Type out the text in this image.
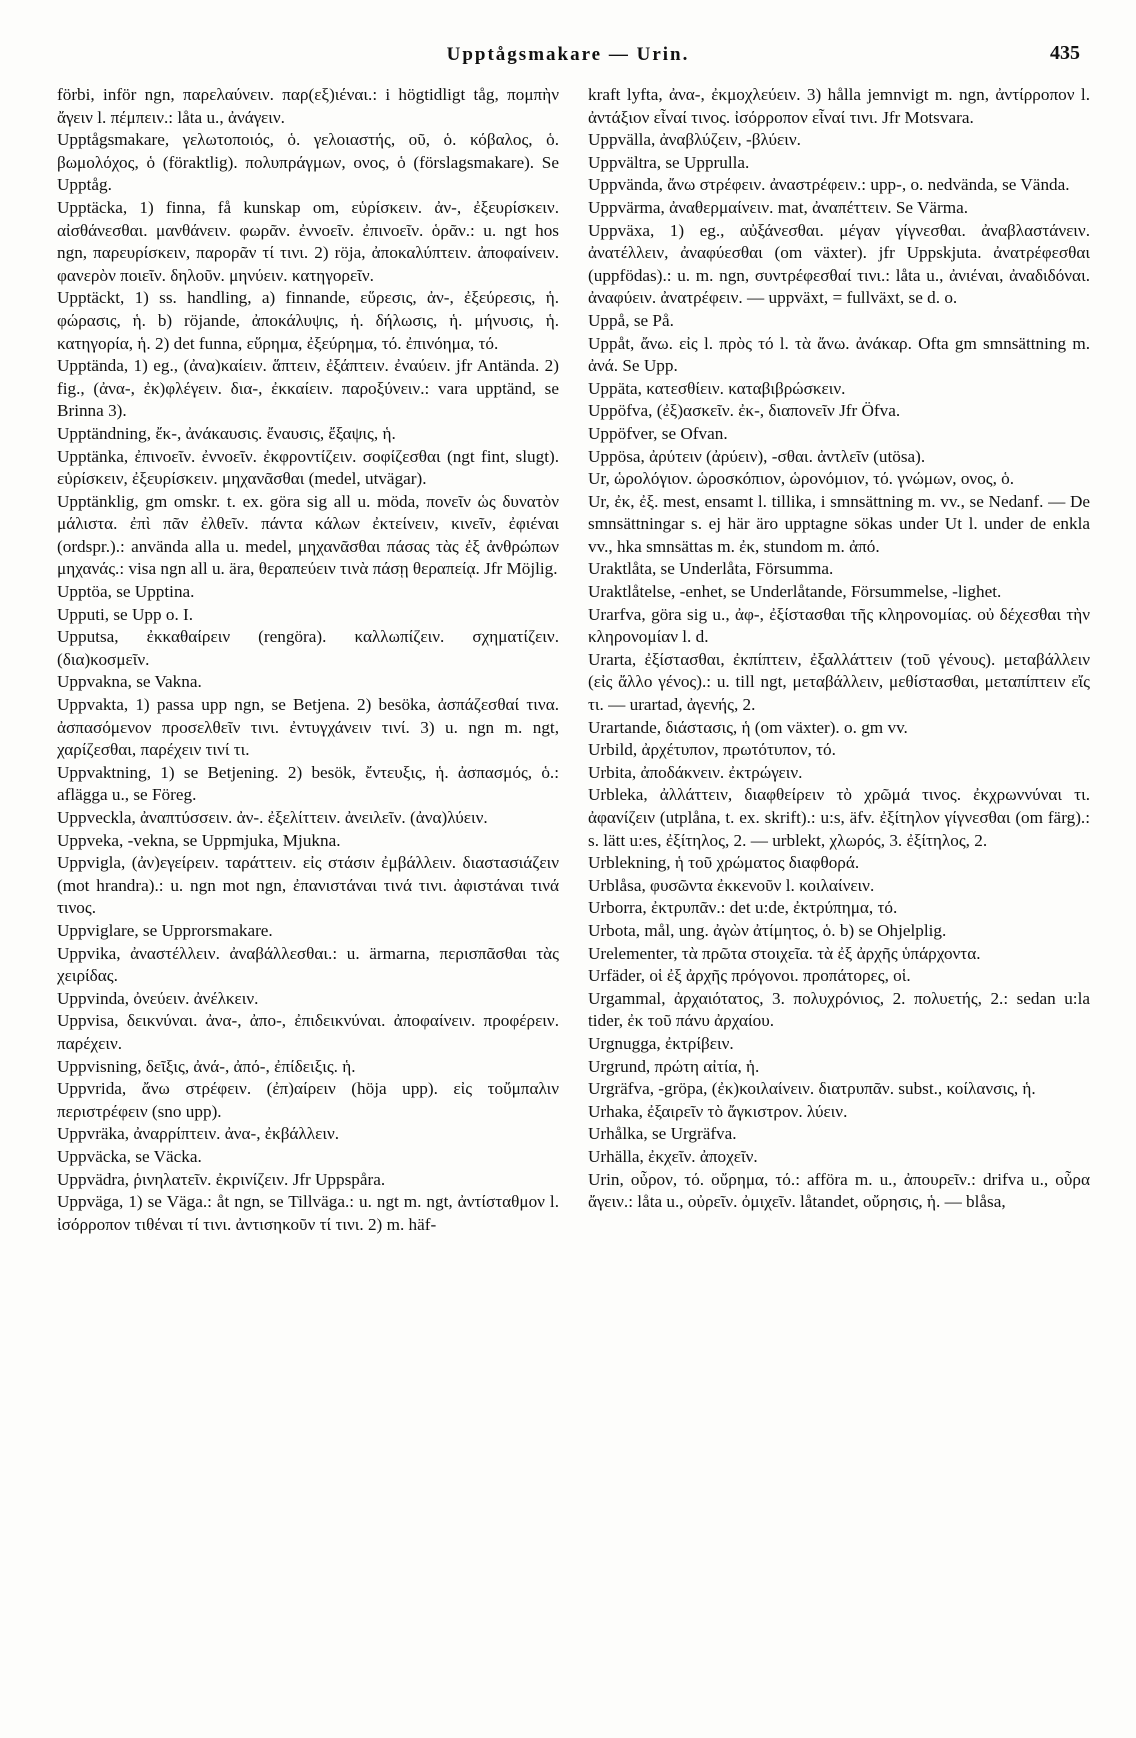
Upptågsmakare — Urin.	435

förbi, inför ngn, παρελαύνειν. παρ(εξ)ιέναι.: i högtidligt tåg, πομπὴν ἄγειν l. πέμπειν.: låta u., ἀνάγειν.

Upptågsmakare, γελωτοποιός, ὁ. γελοιαστής, οῦ, ὁ. κόβαλος, ὁ. βωμολόχος, ὁ (föraktlig). πολυπράγμων, ονος, ὁ (förslagsmakare). Se Upptåg.

Upptäcka, 1) finna, få kunskap om, εὑρίσκειν. ἀν-, ἐξευρίσκειν. αἰσθάνεσθαι. μανθάνειν. φωρᾶν. ἐννοεῖν. ἐπινοεῖν. ὁρᾶν.: u. ngt hos ngn, παρευρίσκειν, παρορᾶν τί τινι. 2) röja, ἀποκαλύπτειν. ἀποφαίνειν. φανερὸν ποιεῖν. δηλοῦν. μηνύειν. κατηγορεῖν.

Upptäckt, 1) ss. handling, a) finnande, εὕρεσις, ἀν-, ἐξεύρεσις, ἡ. φώρασις, ἡ. b) röjande, ἀποκάλυψις, ἡ. δήλωσις, ἡ. μήνυσις, ἡ. κατηγορία, ἡ. 2) det funna, εὕρημα, ἐξεύρημα, τό. ἐπινόημα, τό.

Upptända, 1) eg., (ἀνα)καίειν. ἅπτειν, ἐξάπτειν. ἐναύειν. jfr Antända. 2) fig., (ἀνα-, ἐκ)φλέγειν. δια-, ἐκκαίειν. παροξύνειν.: vara upptänd, se Brinna 3).

Upptändning, ἔκ-, ἀνάκαυσις. ἔναυσις, ἔξαψις, ἡ.

Upptänka, ἐπινοεῖν. ἐννοεῖν. ἐκφροντίζειν. σοφίζεσθαι (ngt fint, slugt). εὑρίσκειν, ἐξευρίσκειν. μηχανᾶσθαι (medel, utvägar).

Upptänklig, gm omskr. t. ex. göra sig all u. möda, πονεῖν ὡς δυνατὸν μάλιστα. ἐπὶ πᾶν ἐλθεῖν. πάντα κάλων ἐκτείνειν, κινεῖν, ἐφιέναι (ordspr.).: använda alla u. medel, μηχανᾶσθαι πάσας τὰς ἐξ ἀνθρώπων μηχανάς.: visa ngn all u. ära, θεραπεύειν τινὰ πάσῃ θεραπείᾳ. Jfr Möjlig.

Upptöa, se Upptina.

Upputi, se Upp o. I.

Upputsa, ἐκκαθαίρειν (rengöra). καλλωπίζειν. σχηματίζειν. (δια)κοσμεῖν.

Uppvakna, se Vakna.

Uppvakta, 1) passa upp ngn, se Betjena. 2) besöka, ἀσπάζεσθαί τινα. ἀσπασόμενον προσελθεῖν τινι. ἐντυγχάνειν τινί. 3) u. ngn m. ngt, χαρίζεσθαι, παρέχειν τινί τι.

Uppvaktning, 1) se Betjening. 2) besök, ἔντευξις, ἡ. ἀσπασμός, ὁ.: aflägga u., se Föreg.

Uppveckla, ἀναπτύσσειν. ἀν-. ἐξελίττειν. ἀνειλεῖν. (ἀνα)λύειν.

Uppveka, -vekna, se Uppmjuka, Mjukna.

Uppvigla, (ἀν)εγείρειν. ταράττειν. εἰς στάσιν ἐμβάλλειν. διαστασιάζειν (mot hrandra).: u. ngn mot ngn, ἐπανιστάναι τινά τινι. ἀφιστάναι τινά τινος.

Uppviglare, se Upprorsmakare.

Uppvika, ἀναστέλλειν. ἀναβάλλεσθαι.: u. ärmarna, περισπᾶσθαι τὰς χειρίδας.

Uppvinda, ὀνεύειν. ἀνέλκειν.

Uppvisa, δεικνύναι. ἀνα-, ἀπο-, ἐπιδεικνύναι. ἀποφαίνειν. προφέρειν. παρέχειν.

Uppvisning, δεῖξις, ἀνά-, ἀπό-, ἐπίδειξις. ἡ.

Uppvrida, ἄνω στρέφειν. (ἐπ)αίρειν (höja upp). εἰς τοὔμπαλιν περιστρέφειν (sno upp).

Uppvräka, ἀναρρίπτειν. ἀνα-, ἐκβάλλειν.

Uppväcka, se Väcka.

Uppvädra, ῥινηλατεῖν. ἐκρινίζειν. Jfr Uppspåra.

Uppväga, 1) se Väga.: åt ngn, se Tillväga.: u. ngt m. ngt, ἀντίσταθμον l. ἰσόρροπον τιθέναι τί τινι. ἀντισηκοῦν τί τινι. 2) m. häf-

kraft lyfta, ἀνα-, ἐκμοχλεύειν. 3) hålla jemnvigt m. ngn, ἀντίρροπον l. ἀντάξιον εἶναί τινος. ἰσόρροπον εἶναί τινι. Jfr Motsvara.

Uppvälla, ἀναβλύζειν, -βλύειν.

Uppvältra, se Upprulla.

Uppvända, ἄνω στρέφειν. ἀναστρέφειν.: upp-, o. nedvända, se Vända.

Uppvärma, ἀναθερμαίνειν. mat, ἀναπέττειν. Se Värma.

Uppväxa, 1) eg., αὐξάνεσθαι. μέγαν γίγνεσθαι. ἀναβλαστάνειν. ἀνατέλλειν, ἀναφύεσθαι (om växter). jfr Uppskjuta. ἀνατρέφεσθαι (uppfödas).: u. m. ngn, συντρέφεσθαί τινι.: låta u., ἀνιέναι, ἀναδιδόναι. ἀναφύειν. ἀνατρέφειν. — uppväxt, = fullväxt, se d. o.

Uppå, se På.

Uppåt, ἄνω. εἰς l. πρὸς τό l. τὰ ἄνω. ἀνάκαρ. Ofta gm smnsättning m. ἀνά. Se Upp.

Uppäta, κατεσθίειν. καταβιβρώσκειν.

Uppöfva, (ἐξ)ασκεῖν. ἐκ-, διαπονεῖν Jfr Öfva.

Uppöfver, se Ofvan.

Uppösa, ἀρύτειν (ἀρύειν), -σθαι. ἀντλεῖν (utösa).

Ur, ὡρολόγιον. ὡροσκόπιον, ὡρονόμιον, τό. γνώμων, ονος, ὁ.

Ur, ἐκ, ἐξ. mest, ensamt l. tillika, i smnsättning m. vv., se Nedanf. — De smnsättningar s. ej här äro upptagne sökas under Ut l. under de enkla vv., hka smnsättas m. ἐκ, stundom m. ἀπό.

Uraktlåta, se Underlåta, Försumma.

Uraktlåtelse, -enhet, se Underlåtande, Försummelse, -lighet.

Urarfva, göra sig u., ἀφ-, ἐξίστασθαι τῆς κληρονομίας. οὐ δέχεσθαι τὴν κληρονομίαν l. d.

Urarta, ἐξίστασθαι, ἐκπίπτειν, ἐξαλλάττειν (τοῦ γένους). μεταβάλλειν (εἰς ἄλλο γένος).: u. till ngt, μεταβάλλειν, μεθίστασθαι, μεταπίπτειν εἴς τι. — urartad, ἀγενής, 2.

Urartande, διάστασις, ἡ (om växter). o. gm vv.

Urbild, ἀρχέτυπον, πρωτότυπον, τό.

Urbita, ἀποδάκνειν. ἐκτρώγειν.

Urbleka, ἀλλάττειν, διαφθείρειν τὸ χρῶμά τινος. ἐκχρωννύναι τι. ἀφανίζειν (utplåna, t. ex. skrift).: u:s, äfv. ἐξίτηλον γίγνεσθαι (om färg).: s. lätt u:es, ἐξίτηλος, 2. — urblekt, χλωρός, 3. ἐξίτηλος, 2.

Urblekning, ἡ τοῦ χρώματος διαφθορά.

Urblåsa, φυσῶντα ἐκκενοῦν l. κοιλαίνειν.

Urborra, ἐκτρυπᾶν.: det u:de, ἐκτρύπημα, τό.

Urbota, mål, ung. ἀγὼν ἀτίμητος, ὁ. b) se Ohjelplig.

Urelementer, τὰ πρῶτα στοιχεῖα. τὰ ἐξ ἀρχῆς ὑπάρχοντα.

Urfäder, οἱ ἐξ ἀρχῆς πρόγονοι. προπάτορες, οἱ.

Urgammal, ἀρχαιότατος, 3. πολυχρόνιος, 2. πολυετής, 2.: sedan u:la tider, ἐκ τοῦ πάνυ ἀρχαίου.

Urgnugga, ἐκτρίβειν.

Urgrund, πρώτη αἰτία, ἡ.

Urgräfva, -gröpa, (ἐκ)κοιλαίνειν. διατρυπᾶν. subst., κοίλανσις, ἡ.

Urhaka, ἐξαιρεῖν τὸ ἄγκιστρον. λύειν.

Urhålka, se Urgräfva.

Urhälla, ἐκχεῖν. ἀποχεῖν.

Urin, οὖρον, τό. οὔρημα, τό.: afföra m. u., ἀπουρεῖν.: drifva u., οὖρα ἄγειν.: låta u., οὐρεῖν. ὀμιχεῖν. låtandet, οὔρησις, ἡ. — blåsa,
